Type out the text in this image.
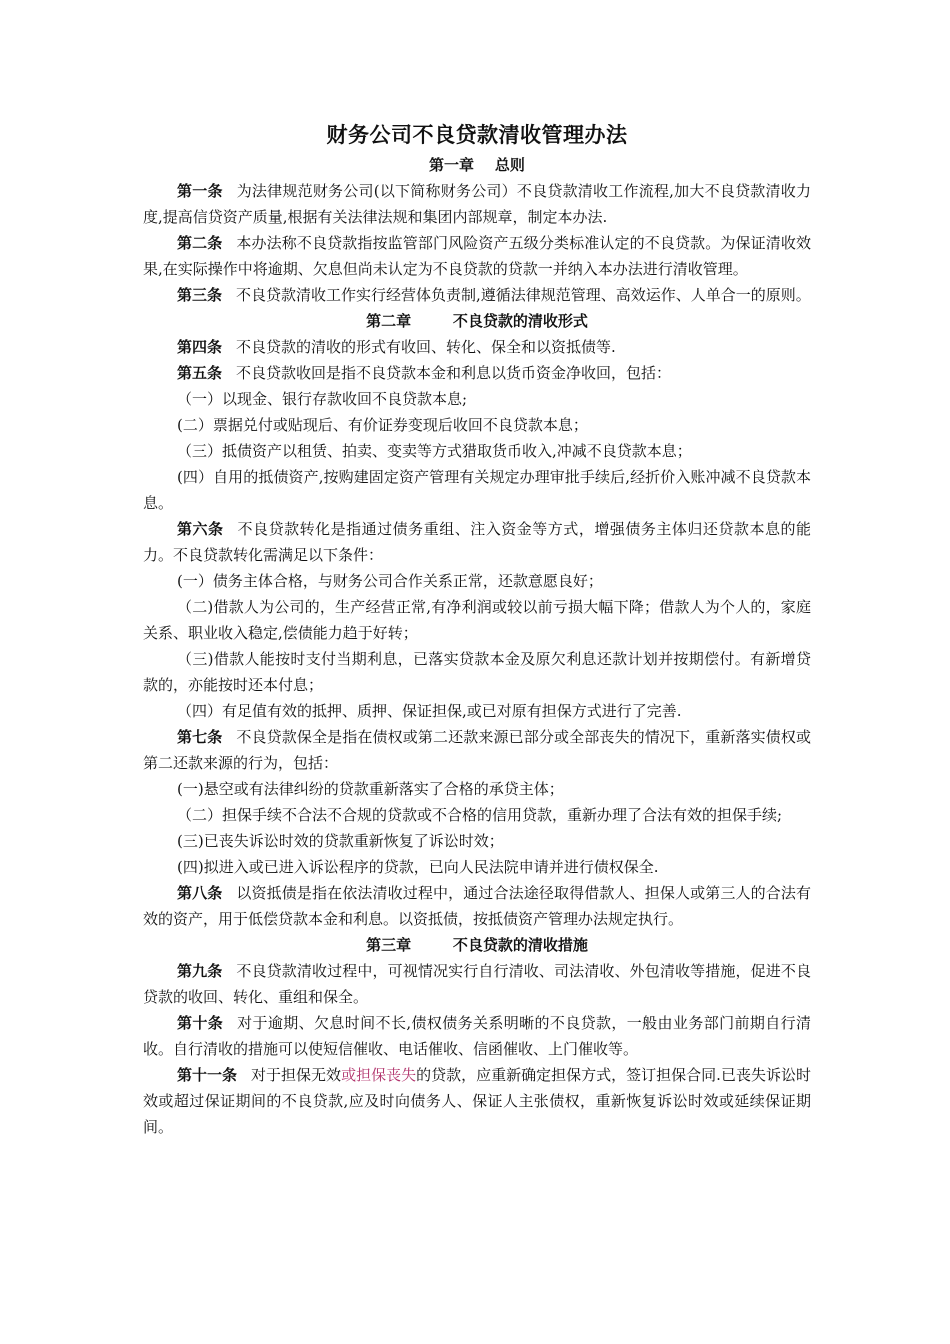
财务公司不良贷款清收管理办法
第一章    总则

第一条 为法律规范财务公司(以下简称财务公司）不良贷款清收工作流程,加大不良贷款清收力度,提高信贷资产质量,根据有关法律法规和集团内部规章，制定本办法.

第二条 本办法称不良贷款指按监管部门风险资产五级分类标准认定的不良贷款。为保证清收效果,在实际操作中将逾期、欠息但尚未认定为不良贷款的贷款一并纳入本办法进行清收管理。

第三条 不良贷款清收工作实行经营体负责制,遵循法律规范管理、高效运作、人单合一的原则。

第二章        不良贷款的清收形式

第四条 不良贷款的清收的形式有收回、转化、保全和以资抵债等.

第五条 不良贷款收回是指不良贷款本金和利息以货币资金净收回，包括：

（一）以现金、银行存款收回不良贷款本息;

(二）票据兑付或贴现后、有价证券变现后收回不良贷款本息；

（三）抵债资产以租赁、拍卖、变卖等方式猎取货币收入,冲减不良贷款本息；

(四）自用的抵债资产,按购建固定资产管理有关规定办理审批手续后,经折价入账冲减不良贷款本息。

第六条 不良贷款转化是指通过债务重组、注入资金等方式，增强债务主体归还贷款本息的能力。不良贷款转化需满足以下条件：

(一）债务主体合格，与财务公司合作关系正常，还款意愿良好；

（二)借款人为公司的，生产经营正常,有净利润或较以前亏损大幅下降；借款人为个人的，家庭关系、职业收入稳定,偿债能力趋于好转；

（三)借款人能按时支付当期利息，已落实贷款本金及原欠利息还款计划并按期偿付。有新增贷款的，亦能按时还本付息；

（四）有足值有效的抵押、质押、保证担保,或已对原有担保方式进行了完善.

第七条 不良贷款保全是指在债权或第二还款来源已部分或全部丧失的情况下，重新落实债权或第二还款来源的行为，包括：

(一)悬空或有法律纠纷的贷款重新落实了合格的承贷主体；

（二）担保手续不合法不合规的贷款或不合格的信用贷款，重新办理了合法有效的担保手续;

(三)已丧失诉讼时效的贷款重新恢复了诉讼时效；

(四)拟进入或已进入诉讼程序的贷款，已向人民法院申请并进行债权保全.

第八条 以资抵债是指在依法清收过程中，通过合法途径取得借款人、担保人或第三人的合法有效的资产，用于低偿贷款本金和利息。以资抵债，按抵债资产管理办法规定执行。

第三章        不良贷款的清收措施

第九条 不良贷款清收过程中，可视情况实行自行清收、司法清收、外包清收等措施，促进不良贷款的收回、转化、重组和保全。

第十条 对于逾期、欠息时间不长,债权债务关系明晰的不良贷款，一般由业务部门前期自行清收。自行清收的措施可以使短信催收、电话催收、信函催收、上门催收等。

第十一条 对于担保无效或担保丧失的贷款，应重新确定担保方式，签订担保合同.已丧失诉讼时效或超过保证期间的不良贷款,应及时向债务人、保证人主张债权，重新恢复诉讼时效或延续保证期间。
